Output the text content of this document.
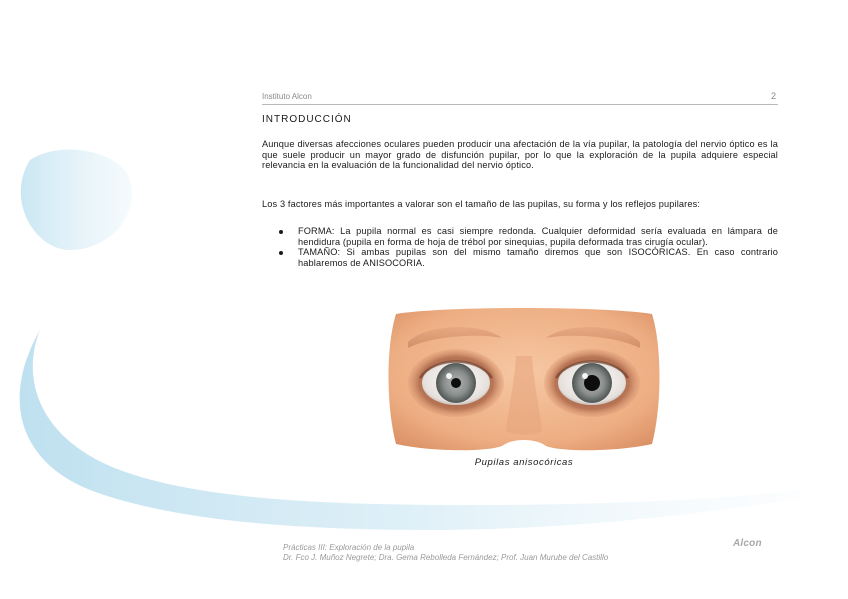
Instituto Alcon	2
INTRODUCCIÓN
Aunque diversas afecciones oculares pueden producir una afectación de la vía pupilar, la patología del nervio óptico es la que suele producir un mayor grado de disfunción pupilar, por lo que la exploración de la pupila adquiere especial relevancia en la evaluación de la funcionalidad del nervio óptico.
Los 3 factores más importantes a valorar son el tamaño de las pupilas, su forma y los reflejos pupilares:
FORMA: La pupila normal es casi siempre redonda. Cualquier deformidad sería evaluada en lámpara de hendidura (pupila en forma de hoja de trébol por sinequias, pupila deformada tras cirugía ocular).
TAMAÑO: Si ambas pupilas son del mismo tamaño diremos que son ISOCÓRICAS. En caso contrario hablaremos de ANISOCORIA.
Pupilas anisocóricas
Prácticas III: Exploración de la pupila
Dr. Fco J. Muñoz Negrete; Dra. Gema Rebolleda Fernández; Prof. Juan Murube del Castillo
Alcon
